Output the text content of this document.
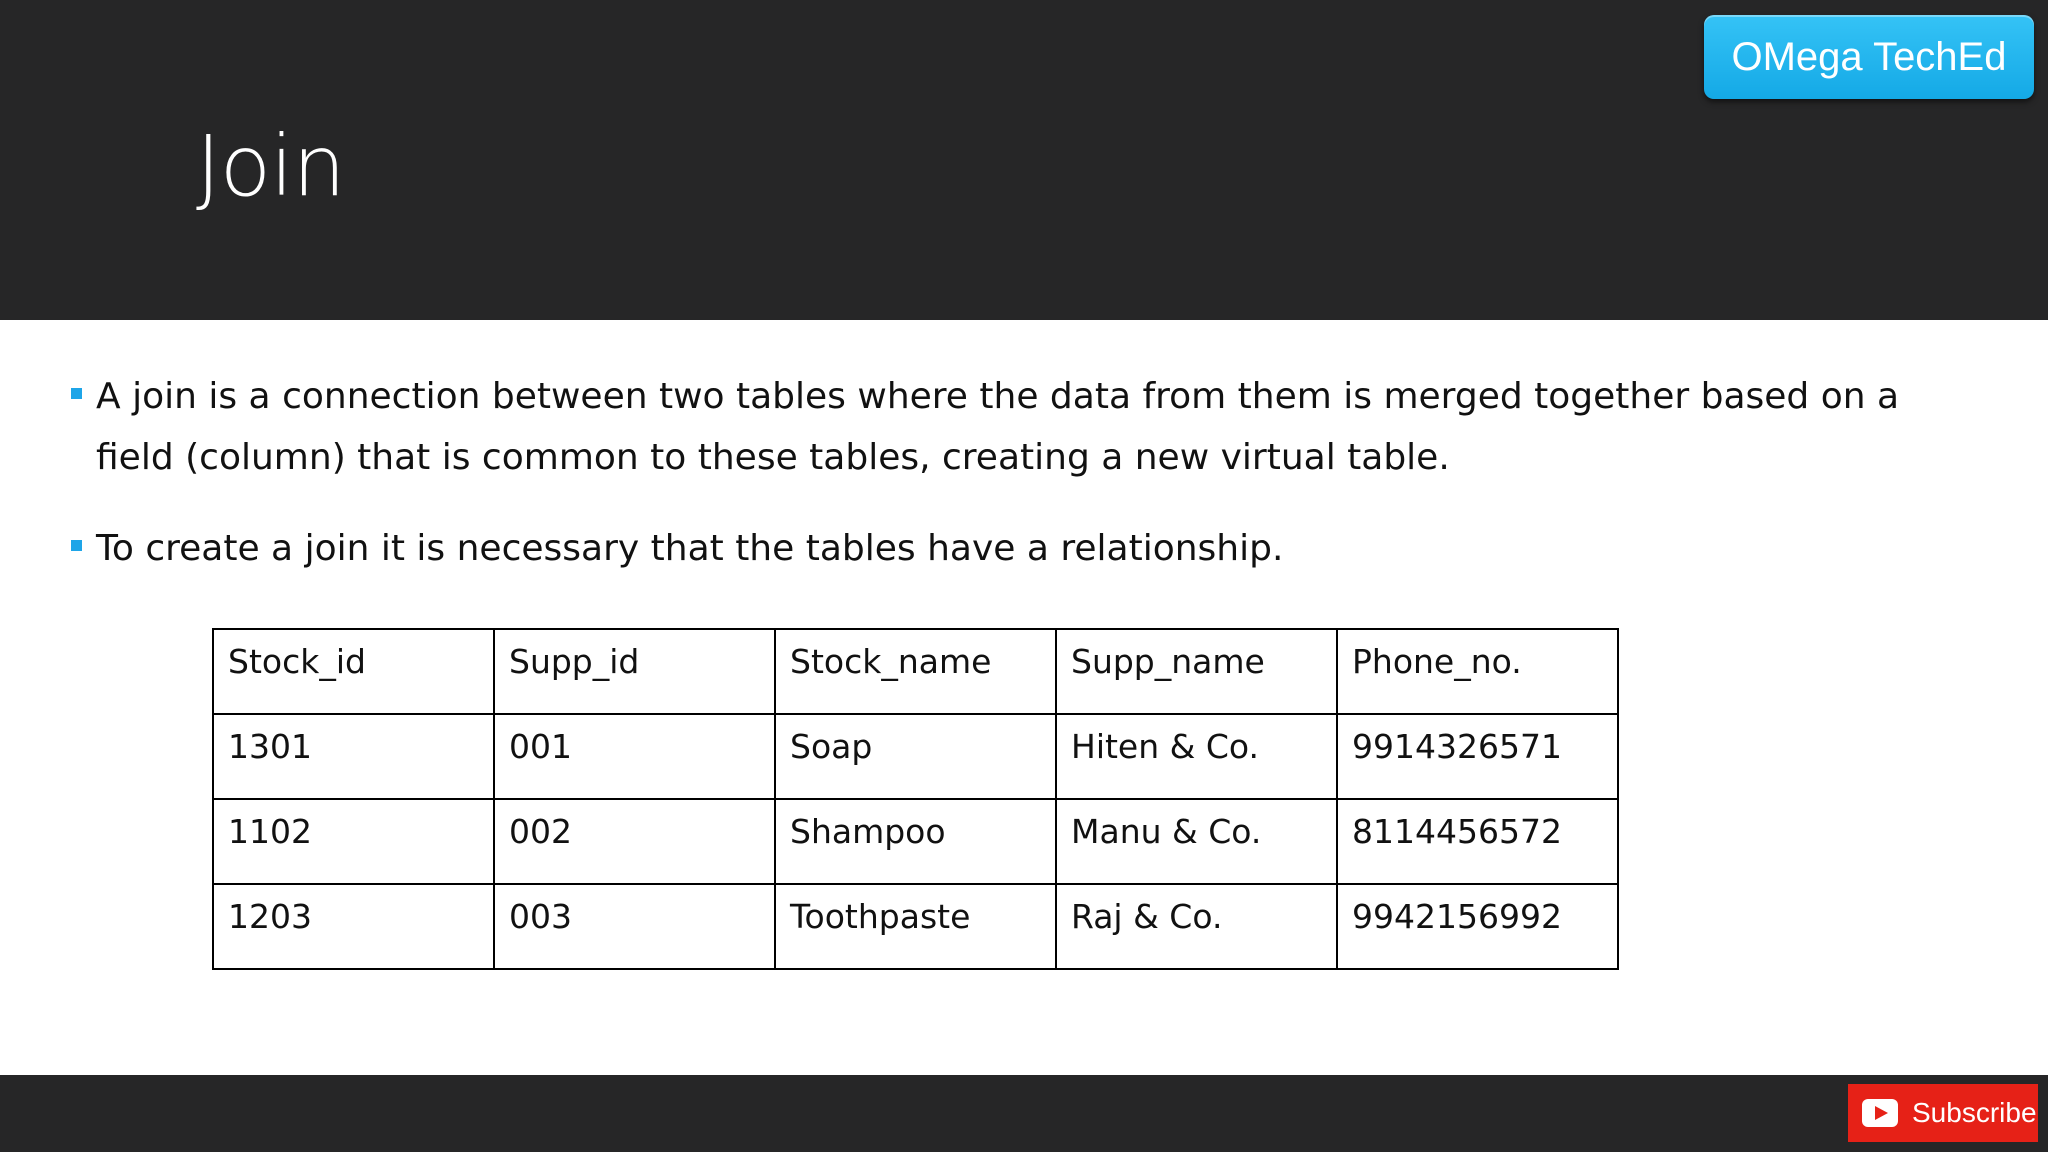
Join
OMega TechEd
A join is a connection between two tables where the data from them is merged together based on a field (column) that is common to these tables, creating a new virtual table.
To create a join it is necessary that the tables have a relationship.
Stock_id	Supp_id	Stock_name	Supp_name	Phone_no.
1301	001	Soap	Hiten & Co.	9914326571
1102	002	Shampoo	Manu & Co.	8114456572
1203	003	Toothpaste	Raj & Co.	9942156992
Subscribe
